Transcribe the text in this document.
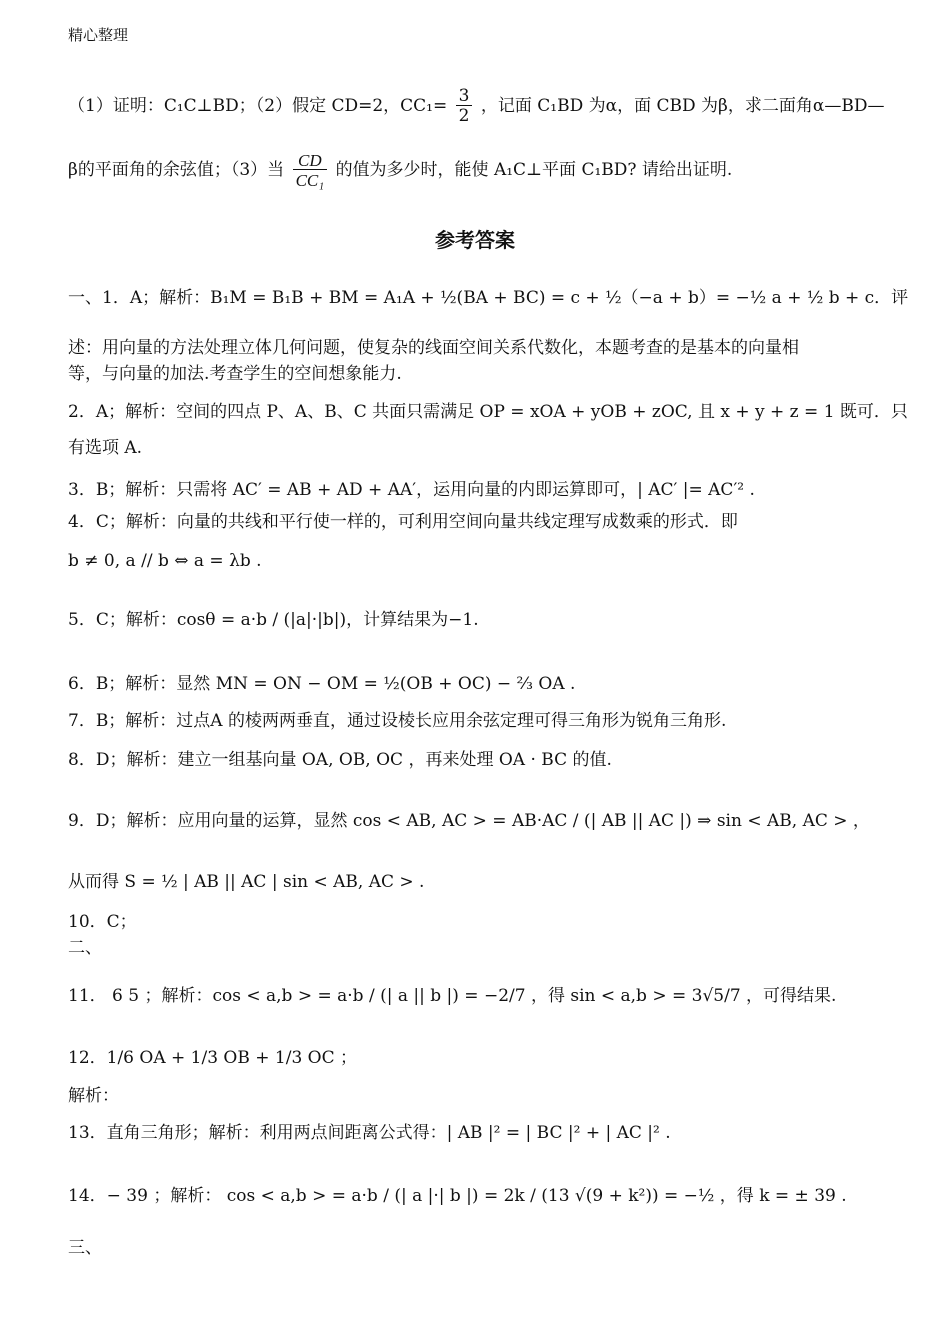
精心整理
（1）证明：C₁C⊥BD；（2）假定 CD=2，$CC_1= \frac{3}{2}$ ，记面 C₁BD 为α，面 CBD 为β，求二面角α—BD—
β的平面角的余弦值；（3）当 $\frac{CD}{\text{CC₁}}$ 的值为多少时，能使 A₁C⊥平面 C₁BD? 请给出证明.
参考答案
一、1．A；解析：B₁M = B₁B + BM = A₁A + ½(BA + BC) = c + ½（−a + b）= −½ a + ½ b + c．评
述：用向量的方法处理立体几何问题，使复杂的线面空间关系代数化，本题考查的是基本的向量相
等，与向量的加法.考查学生的空间想象能力.
2．A；解析：空间的四点 P、A、B、C 共面只需满足 OP = xOA + yOB + zOC, 且 x + y + z = 1 既可．只
有选项 A.
3．B；解析：只需将 AC′ = AB + AD + AA′，运用向量的内即运算即可，| AC′ |= AC′² .
4．C；解析：向量的共线和平行使一样的，可利用空间向量共线定理写成数乘的形式．即
b ≠ 0, a // b ⇔ a = λb .
5．C；解析：cosθ = a·b / (|a|·|b|)，计算结果为−1.
6．B；解析：显然 MN = ON − OM = ½(OB + OC) − ⅔ OA .
7．B；解析：过点A 的棱两两垂直，通过设棱长应用余弦定理可得三角形为锐角三角形.
8．D；解析：建立一组基向量 OA, OB, OC ，再来处理 OA · BC 的值.
9．D；解析：应用向量的运算，显然 cos < AB, AC > = AB·AC / (| AB || AC |) ⇒ sin < AB, AC > ，
从而得 S = ½ | AB || AC | sin < AB, AC > .
10．C；
二、
11． 6 5 ；解析：cos < a,b > = a·b / (| a || b |) = −2/7 ，得 sin < a,b > = 3√5/7 ，可得结果.
12．1/6 OA + 1/3 OB + 1/3 OC ；
解析：
13．直角三角形；解析：利用两点间距离公式得：| AB |² = | BC |² + | AC |² .
14．− 39 ；解析： cos < a,b > = a·b / (| a |·| b |) = 2k / (13 √(9 + k²)) = −½ ，得 k = ± 39 .
三、
